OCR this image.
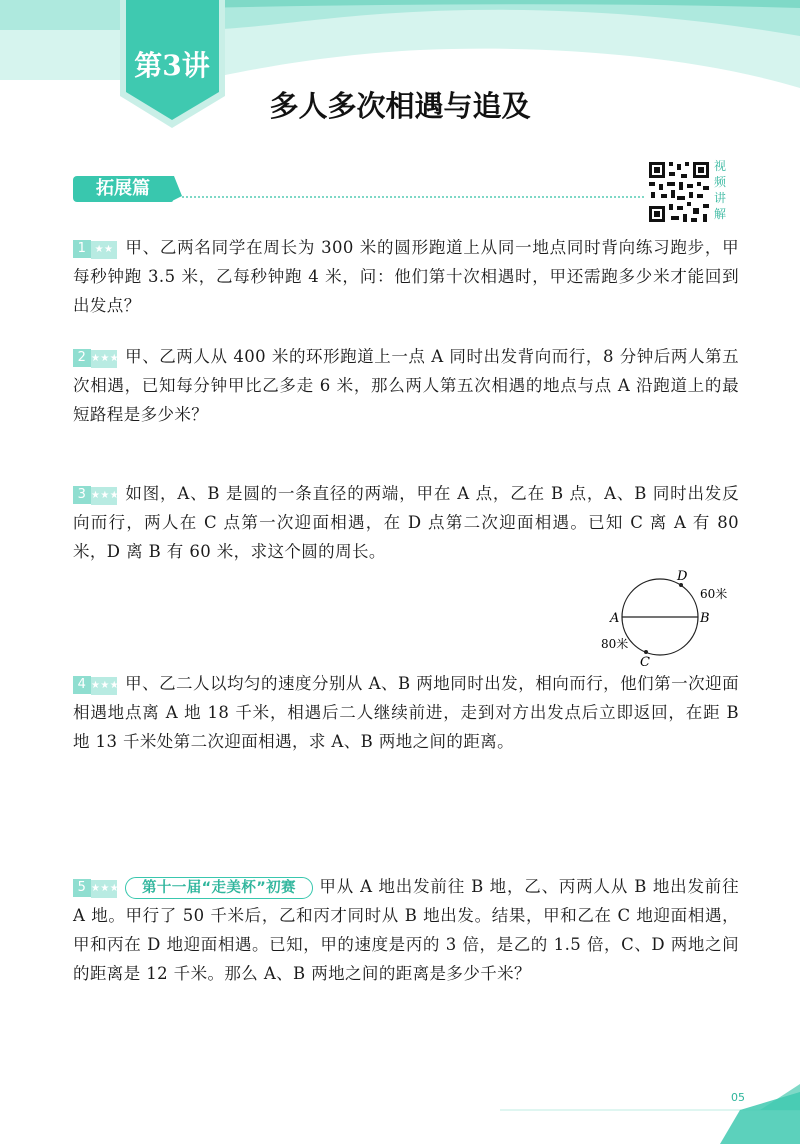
第3讲
多人多次相遇与追及
拓展篇
视
频
讲
解
1 ★★ 甲、乙两名同学在周长为 300 米的圆形跑道上从同一地点同时背向练习跑步，甲每秒钟跑 3.5 米，乙每秒钟跑 4 米，问：他们第十次相遇时，甲还需跑多少米才能回到出发点？
2 ★★★ 甲、乙两人从 400 米的环形跑道上一点 A 同时出发背向而行，8 分钟后两人第五次相遇，已知每分钟甲比乙多走 6 米，那么两人第五次相遇的地点与点 A 沿跑道上的最短路程是多少米？
3 ★★★ 如图，A、B 是圆的一条直径的两端，甲在 A 点，乙在 B 点，A、B 同时出发反向而行，两人在 C 点第一次迎面相遇，在 D 点第二次迎面相遇。已知 C 离 A 有 80 米，D 离 B 有 60 米，求这个圆的周长。
A	B
D
C
60米
80米
4 ★★★ 甲、乙二人以均匀的速度分别从 A、B 两地同时出发，相向而行，他们第一次迎面相遇地点离 A 地 18 千米，相遇后二人继续前进，走到对方出发点后立即返回，在距 B 地 13 千米处第二次迎面相遇，求 A、B 两地之间的距离。
5 ★★★ 第十一届“走美杯”初赛 甲从 A 地出发前往 B 地，乙、丙两人从 B 地出发前往 A 地。甲行了 50 千米后，乙和丙才同时从 B 地出发。结果，甲和乙在 C 地迎面相遇，甲和丙在 D 地迎面相遇。已知，甲的速度是丙的 3 倍，是乙的 1.5 倍，C、D 两地之间的距离是 12 千米。那么 A、B 两地之间的距离是多少千米？
05
